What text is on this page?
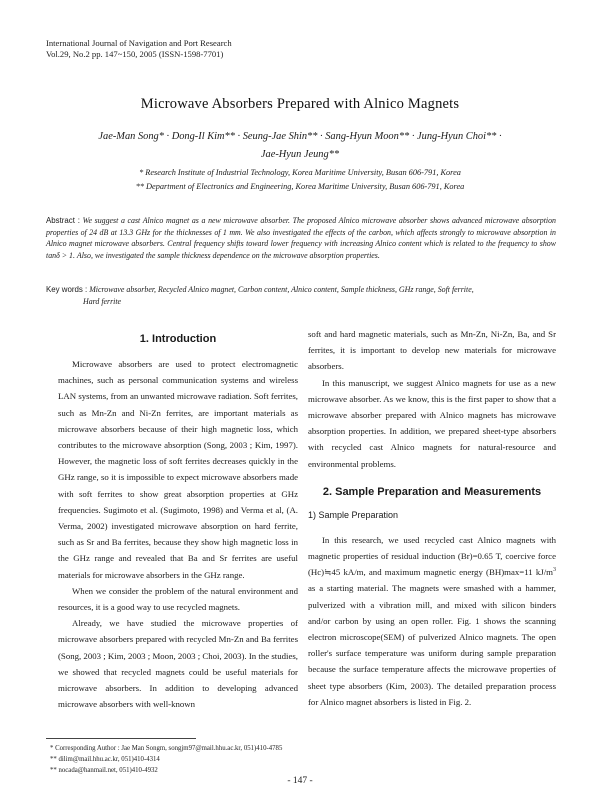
International Journal of Navigation and Port Research
Vol.29, No.2 pp. 147~150, 2005 (ISSN-1598-7701)
Microwave Absorbers Prepared with Alnico Magnets
Jae-Man Song* · Dong-Il Kim** · Seung-Jae Shin** · Sang-Hyun Moon** · Jung-Hyun Choi** ·
Jae-Hyun Jeung**
* Research Institute of Industrial Technology, Korea Maritime University, Busan 606-791, Korea
** Department of Electronics and Engineering, Korea Maritime University, Busan 606-791, Korea
Abstract : We suggest a cast Alnico magnet as a new microwave absorber. The proposed Alnico microwave absorber shows advanced microwave absorption properties of 24 dB at 13.3 GHz for the thicknesses of 1 mm. We also investigated the effects of the carbon, which affects strongly to microwave absorption in Alnico magnet microwave absorbers. Central frequency shifts toward lower frequency with increasing Alnico content which is related to the frequency to show tanδ > 1. Also, we investigated the sample thickness dependence on the microwave absorption properties.
Key words : Microwave absorber, Recycled Alnico magnet, Carbon content, Alnico content, Sample thickness, GHz range, Soft ferrite,
Hard ferrite
1. Introduction

Microwave absorbers are used to protect electromagnetic machines, such as personal communication systems and wireless LAN systems, from an unwanted microwave radiation. Soft ferrites, such as Mn-Zn and Ni-Zn ferrites, are important materials as microwave absorbers because of their high magnetic loss, which contributes to the microwave absorption (Song, 2003 ; Kim, 1997). However, the magnetic loss of soft ferrites decreases quickly in the GHz range, so it is impossible to expect microwave absorbers made with soft ferrites to show great absorption properties at GHz frequencies. Sugimoto et al. (Sugimoto, 1998) and Verma et al, (A. Verma, 2002) investigated microwave absorption on hard ferrite, such as Sr and Ba ferrites, because they show high magnetic loss in the GHz range and revealed that Ba and Sr ferrites are useful materials for microwave absorbers in the GHz range.

When we consider the problem of the natural environment and resources, it is a good way to use recycled magnets.

Already, we have studied the microwave properties of microwave absorbers prepared with recycled Mn-Zn and Ba ferrites (Song, 2003 ; Kim, 2003 ; Moon, 2003 ; Choi, 2003). In the studies, we showed that recycled magnets could be useful materials for microwave absorbers. In addition to developing advanced microwave absorbers with well-known

soft and hard magnetic materials, such as Mn-Zn, Ni-Zn, Ba, and Sr ferrites, it is important to develop new materials for microwave absorbers.

In this manuscript, we suggest Alnico magnets for use as a new microwave absorber. As we know, this is the first paper to show that a microwave absorber prepared with Alnico magnets has microwave absorption properties. In addition, we prepared sheet-type absorbers with recycled cast Alnico magnets for natural-resource and environmental problems.

2. Sample Preparation and Measurements
1) Sample Preparation

In this research, we used recycled cast Alnico magnets with magnetic properties of residual induction (Br)=0.65 T, coercive force (Hc)≒45 kA/m, and maximum magnetic energy (BH)max=11 $kJ/m^3$ as a starting material. The magnets were smashed with a hammer, pulverized with a vibration mill, and mixed with silicon binders and/or carbon by using an open roller. Fig. 1 shows the scanning electron microscope(SEM) of pulverized Alnico magnets. The open roller's surface temperature was uniform during sample preparation because the surface temperature affects the microwave properties of sheet type absorbers (Kim, 2003). The detailed preparation process for Alnico magnet absorbers is listed in Fig. 2.

* Corresponding Author : Jae Man Songm, songjm97@mail.hhu.ac.kr, 051)410-4785
** dilim@mail.hhu.ac.kr, 051)410-4314
** nocada@hanmail.net, 051)410-4932
- 147 -
